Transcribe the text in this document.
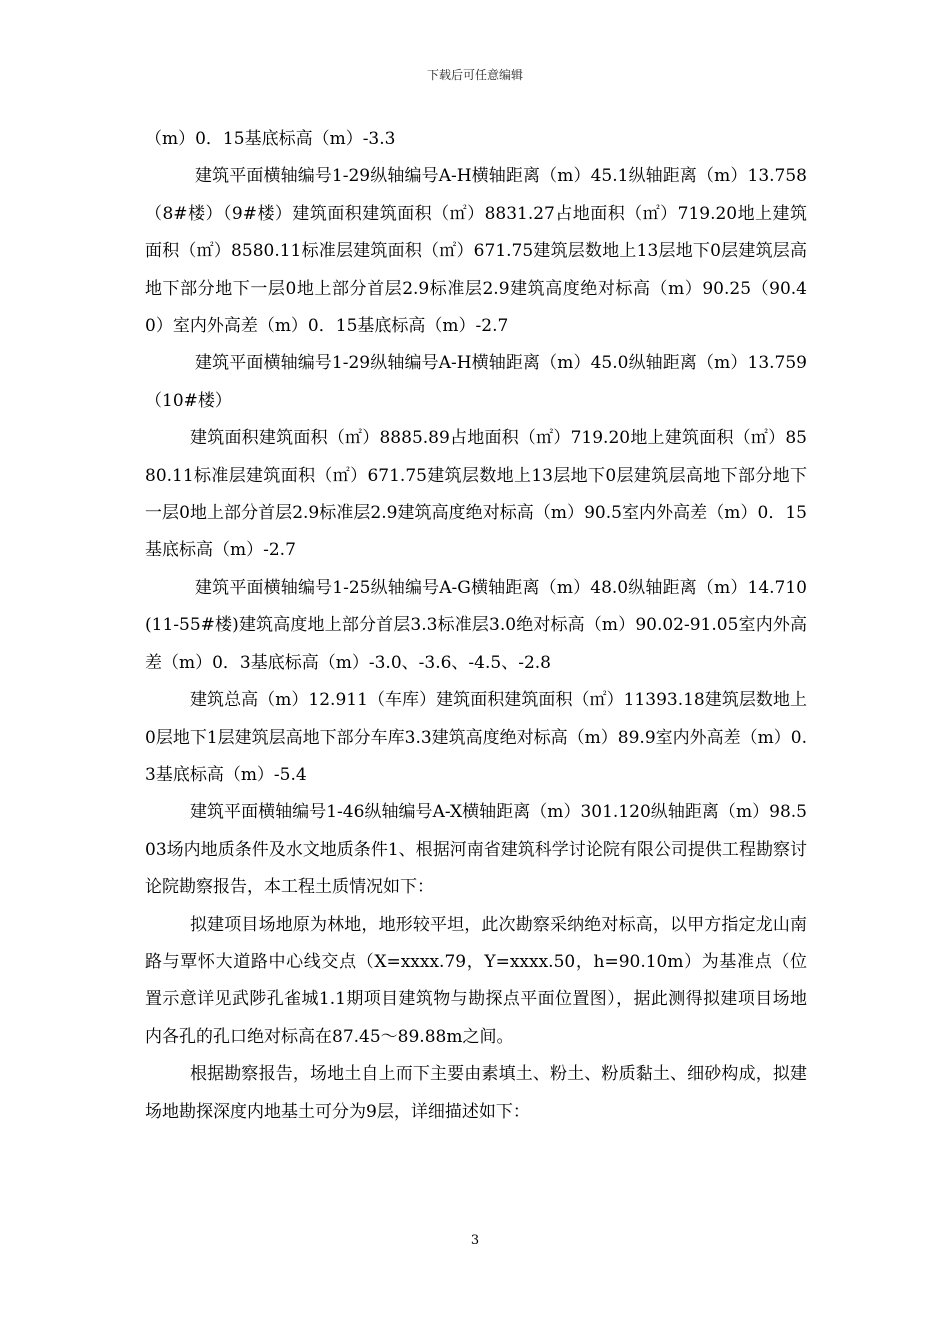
下载后可任意编辑

（m）0．15基底标高（m）-3.3

建筑平面横轴编号1-29纵轴编号A-H横轴距离（m）45.1纵轴距离（m）13.758（8#楼）（9#楼）建筑面积建筑面积（㎡）8831.27占地面积（㎡）719.20地上建筑面积（㎡）8580.11标准层建筑面积（㎡）671.75建筑层数地上13层地下0层建筑层高地下部分地下一层0地上部分首层2.9标准层2.9建筑高度绝对标高（m）90.25（90.40）室内外高差（m）0．15基底标高（m）-2.7

建筑平面横轴编号1-29纵轴编号A-H横轴距离（m）45.0纵轴距离（m）13.759（10#楼）

建筑面积建筑面积（㎡）8885.89占地面积（㎡）719.20地上建筑面积（㎡）8580.11标准层建筑面积（㎡）671.75建筑层数地上13层地下0层建筑层高地下部分地下一层0地上部分首层2.9标准层2.9建筑高度绝对标高（m）90.5室内外高差（m）0．15基底标高（m）-2.7

建筑平面横轴编号1-25纵轴编号A-G横轴距离（m）48.0纵轴距离（m）14.710(11-55#楼)建筑高度地上部分首层3.3标准层3.0绝对标高（m）90.02-91.05室内外高差（m）0．3基底标高（m）-3.0、-3.6、-4.5、-2.8

建筑总高（m）12.911（车库）建筑面积建筑面积（㎡）11393.18建筑层数地上0层地下1层建筑层高地下部分车库3.3建筑高度绝对标高（m）89.9室内外高差（m）0.3基底标高（m）-5.4

建筑平面横轴编号1-46纵轴编号A-X横轴距离（m）301.120纵轴距离（m）98.503场内地质条件及水文地质条件1、根据河南省建筑科学讨论院有限公司提供工程勘察讨论院勘察报告，本工程土质情况如下：

拟建项目场地原为林地，地形较平坦，此次勘察采纳绝对标高，以甲方指定龙山南路与覃怀大道路中心线交点（X=xxxx.79，Y=xxxx.50，h=90.10m）为基准点（位置示意详见武陟孔雀城1.1期项目建筑物与勘探点平面位置图），据此测得拟建项目场地内各孔的孔口绝对标高在87.45～89.88m之间。

根据勘察报告，场地土自上而下主要由素填土、粉土、粉质黏土、细砂构成，拟建场地勘探深度内地基土可分为9层，详细描述如下：

3
